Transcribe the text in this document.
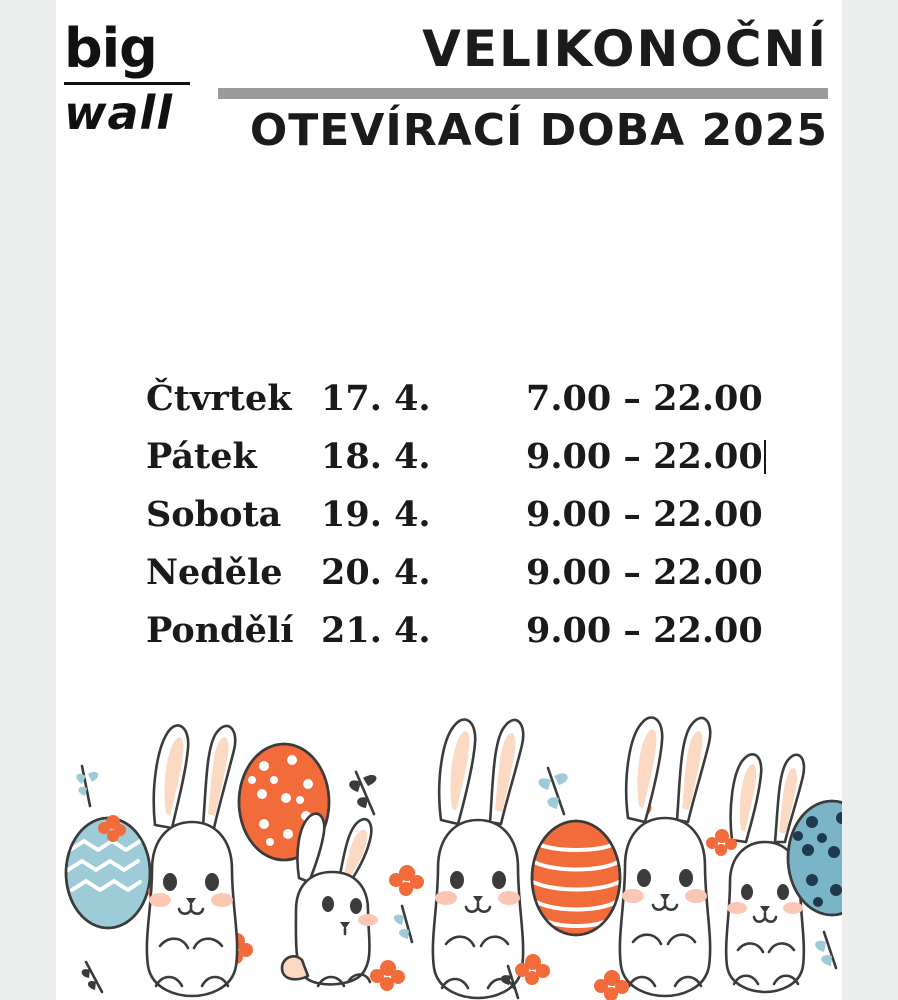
big
wall
VELIKONOČNÍ
OTEVÍRACÍ DOBA 2025
Čtvrtek 17. 4.	7.00 – 22.00
Pátek	18. 4.	9.00 – 22.00
Sobota	19. 4.	9.00 – 22.00
Neděle	20. 4.	9.00 – 22.00
Pondělí 21. 4.	9.00 – 22.00
